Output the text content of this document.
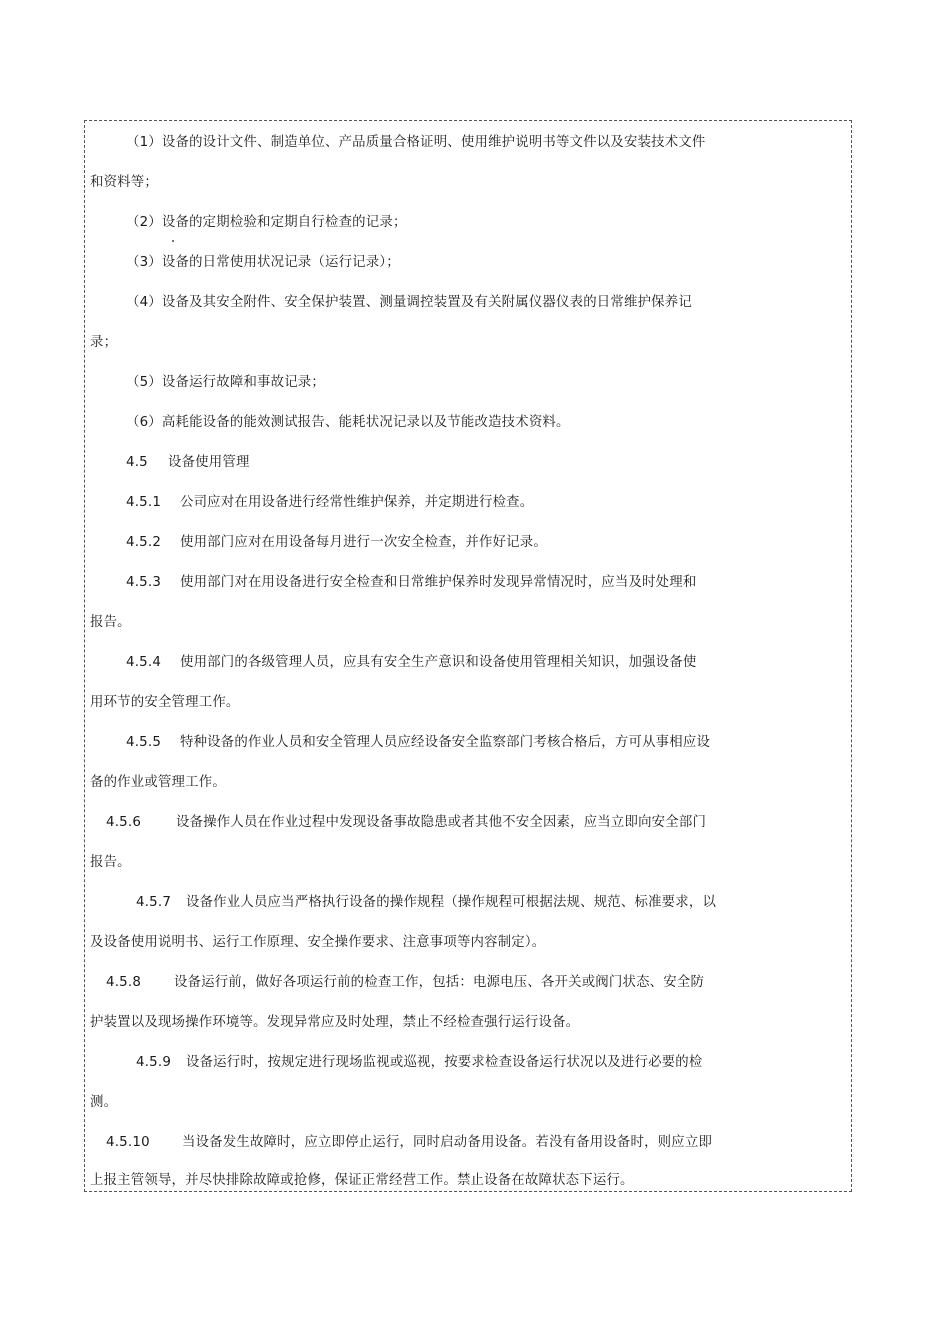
（1）设备的设计文件、制造单位、产品质量合格证明、使用维护说明书等文件以及安装技术文件
和资料等；
（2）设备的定期检验和定期自行检查的记录；
（3）设备的日常使用状况记录（运行记录）；
（4）设备及其安全附件、安全保护装置、测量调控装置及有关附属仪器仪表的日常维护保养记
录；
（5）设备运行故障和事故记录；
（6）高耗能设备的能效测试报告、能耗状况记录以及节能改造技术资料。
4.5 设备使用管理
4.5.1 公司应对在用设备进行经常性维护保养，并定期进行检查。
4.5.2 使用部门应对在用设备每月进行一次安全检查，并作好记录。
4.5.3 使用部门对在用设备进行安全检查和日常维护保养时发现异常情况时，应当及时处理和
报告。
4.5.4 使用部门的各级管理人员，应具有安全生产意识和设备使用管理相关知识，加强设备使
用环节的安全管理工作。
4.5.5 特种设备的作业人员和安全管理人员应经设备安全监察部门考核合格后，方可从事相应设
备的作业或管理工作。
4.5.6	设备操作人员在作业过程中发现设备事故隐患或者其他不安全因素，应当立即向安全部门
报告。
4.5.7 设备作业人员应当严格执行设备的操作规程（操作规程可根据法规、规范、标准要求，以
及设备使用说明书、运行工作原理、安全操作要求、注意事项等内容制定）。
4.5.8 设备运行前，做好各项运行前的检查工作，包括：电源电压、各开关或阀门状态、安全防
护装置以及现场操作环境等。发现异常应及时处理，禁止不经检查强行运行设备。
4.5.9 设备运行时，按规定进行现场监视或巡视，按要求检查设备运行状况以及进行必要的检
测。
4.5.10 当设备发生故障时，应立即停止运行，同时启动备用设备。若没有备用设备时，则应立即
上报主管领导，并尽快排除故障或抢修，保证正常经营工作。禁止设备在故障状态下运行。
